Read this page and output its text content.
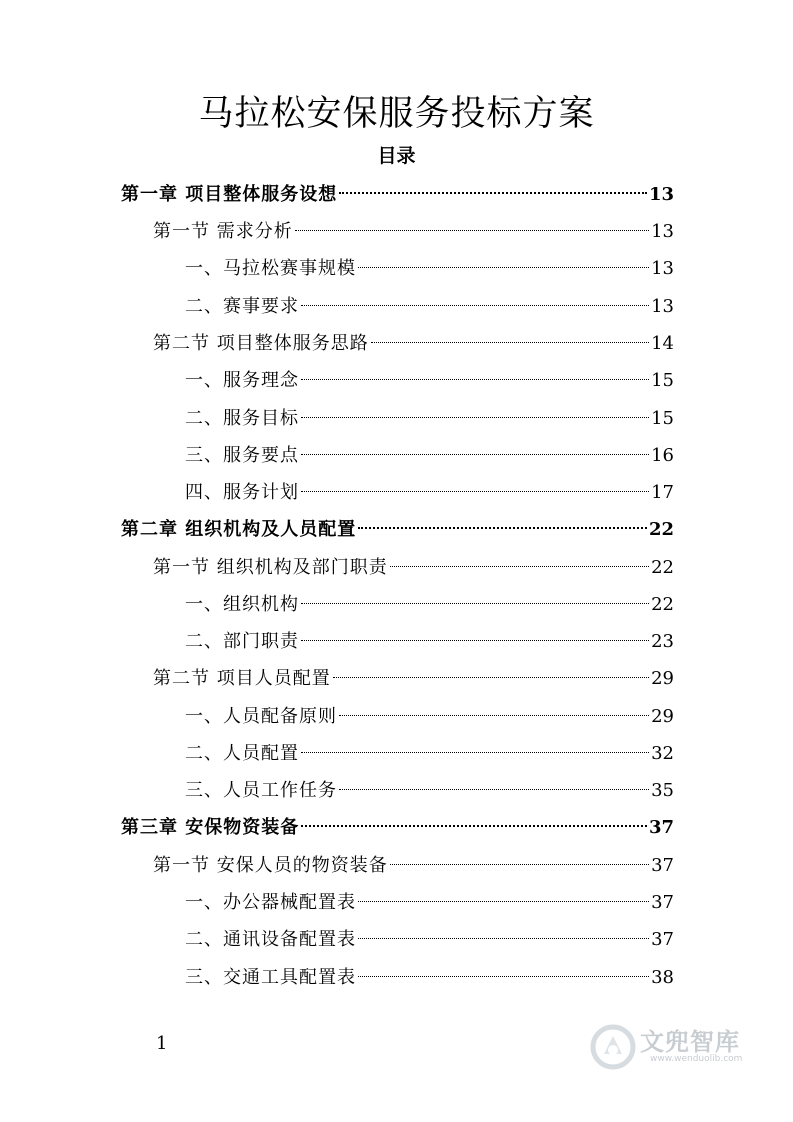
马拉松安保服务投标方案
目录
第一章 项目整体服务设想	13
第一节 需求分析	13
一、马拉松赛事规模	13
二、赛事要求	13
第二节 项目整体服务思路	14
一、服务理念	15
二、服务目标	15
三、服务要点	16
四、服务计划	17
第二章 组织机构及人员配置	22
第一节 组织机构及部门职责	22
一、组织机构	22
二、部门职责	23
第二节 项目人员配置	29
一、人员配备原则	29
二、人员配置	32
三、人员工作任务	35
第三章 安保物资装备	37
第一节 安保人员的物资装备	37
一、办公器械配置表	37
二、通讯设备配置表	37
三、交通工具配置表	38
1	文兜智库
www.wenduolib.com
